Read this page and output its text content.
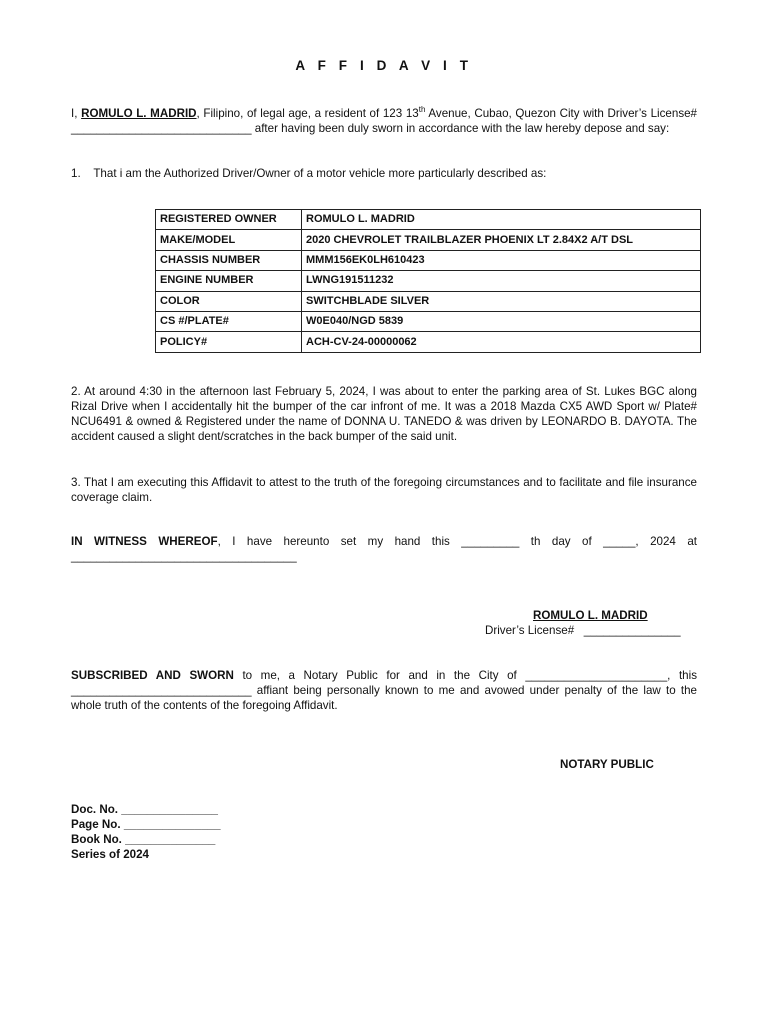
A F F I D A V I T
I, ROMULO L. MADRID, Filipino, of legal age, a resident of 123 13th Avenue, Cubao, Quezon City with Driver’s License# ____________________________ after having been duly sworn in accordance with the law hereby depose and say:
1.    That i am the Authorized Driver/Owner of a motor vehicle more particularly described as:
REGISTERED OWNER	ROMULO L. MADRID
MAKE/MODEL	2020 CHEVROLET TRAILBLAZER PHOENIX LT 2.84X2 A/T DSL
CHASSIS NUMBER	MMM156EK0LH610423
ENGINE NUMBER	LWNG191511232
COLOR	SWITCHBLADE SILVER
CS #/PLATE#	W0E040/NGD 5839
POLICY#	ACH-CV-24-00000062
2. At around 4:30 in the afternoon last February 5, 2024, I was about to enter the parking area of St. Lukes BGC along Rizal Drive when I accidentally hit the bumper of the car infront of me. It was a 2018 Mazda CX5 AWD Sport w/ Plate# NCU6491 & owned & Registered under the name of DONNA U. TANEDO & was driven by LEONARDO B. DAYOTA. The accident caused a slight dent/scratches in the back bumper of the said unit.
3. That I am executing this Affidavit to attest to the truth of the foregoing circumstances and to facilitate and file insurance coverage claim.
IN WITNESS WHEREOF, I have hereunto set my hand this _________ th day of _____, 2024 at ___________________________________
ROMULO L. MADRID
Driver’s License#   _______________
SUBSCRIBED AND SWORN to me, a Notary Public for and in the City of ______________________, this ____________________________ affiant being personally known to me and avowed under penalty of the law to the whole truth of the contents of the foregoing Affidavit.
NOTARY PUBLIC
Doc. No. _______________
Page No. _______________
Book No. ______________
Series of 2024
